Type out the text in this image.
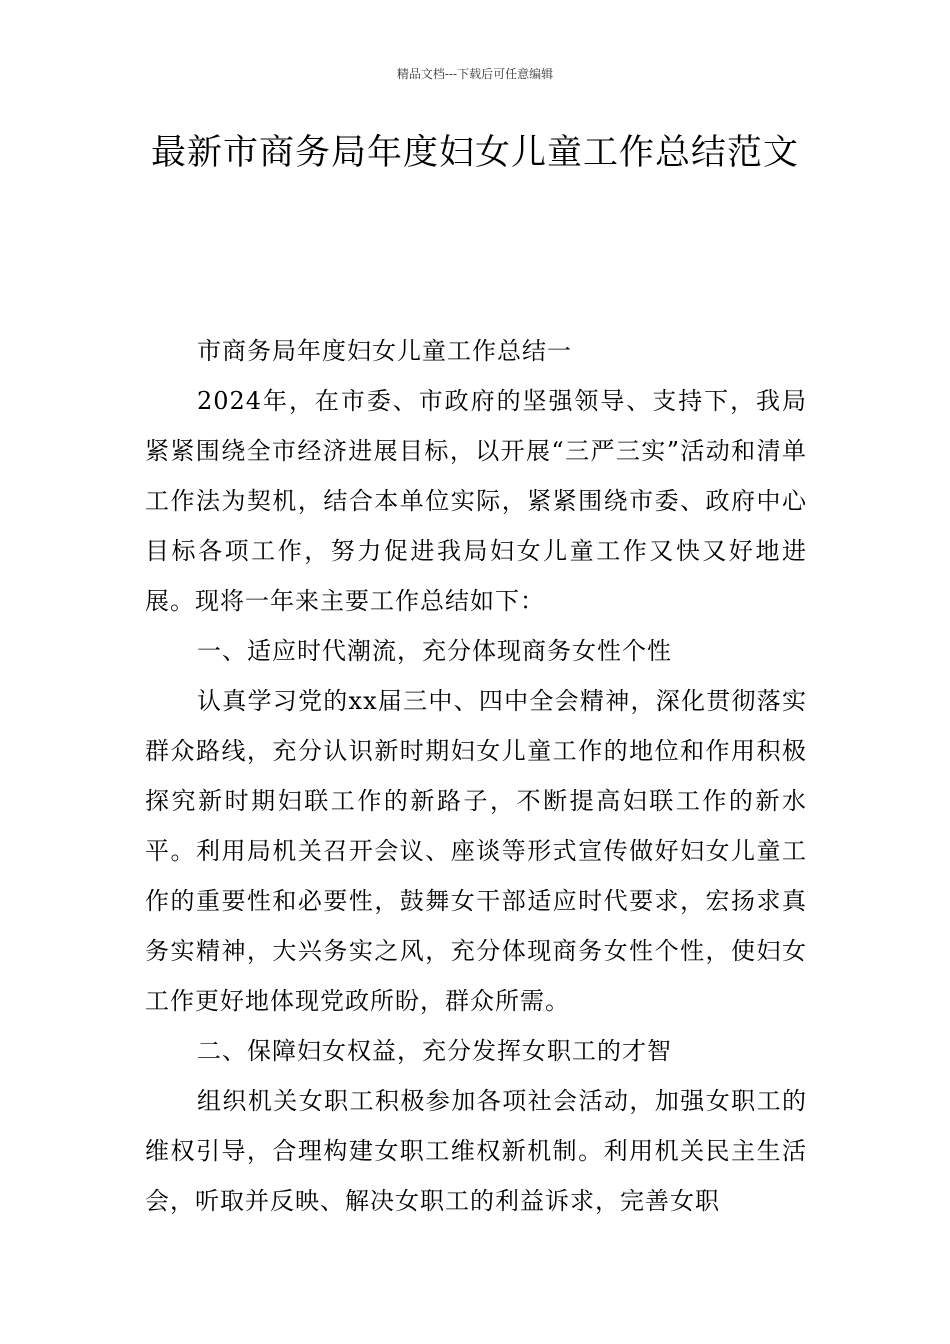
精品文档---下载后可任意编辑
最新市商务局年度妇女儿童工作总结范文

市商务局年度妇女儿童工作总结一

2024年，在市委、市政府的坚强领导、支持下，我局紧紧围绕全市经济进展目标，以开展“三严三实”活动和清单工作法为契机，结合本单位实际，紧紧围绕市委、政府中心目标各项工作，努力促进我局妇女儿童工作又快又好地进展。现将一年来主要工作总结如下：

一、适应时代潮流，充分体现商务女性个性

认真学习党的xx届三中、四中全会精神，深化贯彻落实群众路线，充分认识新时期妇女儿童工作的地位和作用积极探究新时期妇联工作的新路子，不断提高妇联工作的新水平。利用局机关召开会议、座谈等形式宣传做好妇女儿童工作的重要性和必要性，鼓舞女干部适应时代要求，宏扬求真务实精神，大兴务实之风，充分体现商务女性个性，使妇女工作更好地体现党政所盼，群众所需。

二、保障妇女权益，充分发挥女职工的才智

组织机关女职工积极参加各项社会活动，加强女职工的维权引导，合理构建女职工维权新机制。利用机关民主生活会，听取并反映、解决女职工的利益诉求，完善女职
